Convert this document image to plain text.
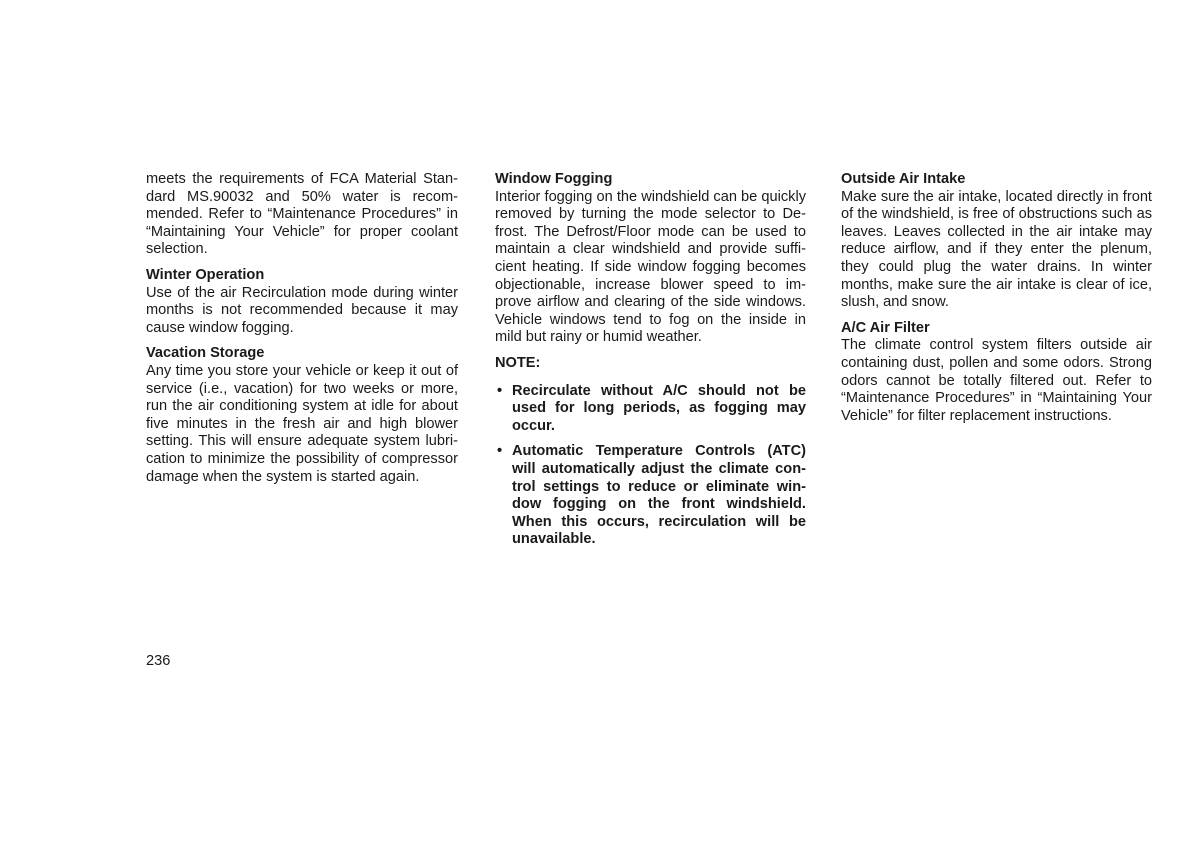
meets the requirements of FCA Material Standard MS.90032 and 50% water is recommended. Refer to “Maintenance Procedures” in “Maintaining Your Vehicle” for proper coolant selection.

Winter Operation

Use of the air Recirculation mode during winter months is not recommended because it may cause window fogging.

Vacation Storage

Any time you store your vehicle or keep it out of service (i.e., vacation) for two weeks or more, run the air conditioning system at idle for about five minutes in the fresh air and high blower setting. This will ensure adequate system lubrication to minimize the possibility of compressor damage when the system is started again.

Window Fogging

Interior fogging on the windshield can be quickly removed by turning the mode selector to Defrost. The Defrost/Floor mode can be used to maintain a clear windshield and provide sufficient heating. If side window fogging becomes objectionable, increase blower speed to improve airflow and clearing of the side windows. Vehicle windows tend to fog on the inside in mild but rainy or humid weather.

NOTE:
• Recirculate without A/C should not be used for long periods, as fogging may occur.
• Automatic Temperature Controls (ATC) will automatically adjust the climate control settings to reduce or eliminate window fogging on the front windshield. When this occurs, recirculation will be unavailable.
Outside Air Intake

Make sure the air intake, located directly in front of the windshield, is free of obstructions such as leaves. Leaves collected in the air intake may reduce airflow, and if they enter the plenum, they could plug the water drains. In winter months, make sure the air intake is clear of ice, slush, and snow.

A/C Air Filter

The climate control system filters outside air containing dust, pollen and some odors. Strong odors cannot be totally filtered out. Refer to “Maintenance Procedures” in “Maintaining Your Vehicle” for filter replacement instructions.

236
